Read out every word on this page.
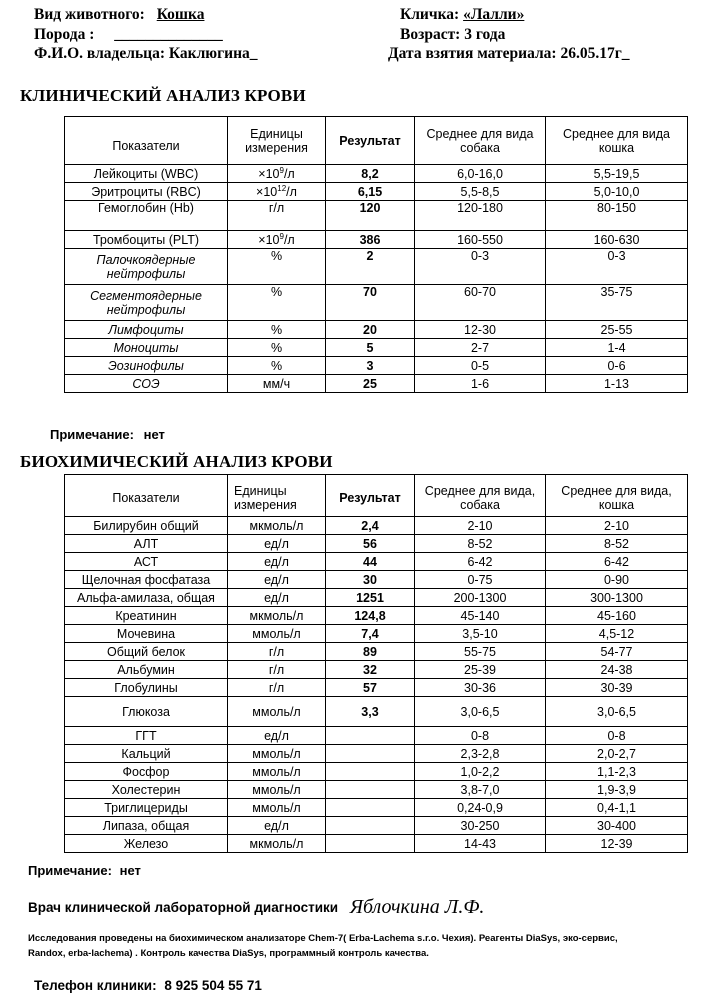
Вид животного: Кошка	Кличка: «Лалли»
Порода : ______________	Возраст: 3 года
Ф.И.О. владельца: Каклюгина_	Дата взятия материала: 26.05.17г_
КЛИНИЧЕСКИЙ АНАЛИЗ КРОВИ
Показатели	Единицы измерения	Результат	Среднее для вида собака	Среднее для вида кошка
Лейкоциты (WBC)	$\times 10^9/л$	8,2	6,0-16,0	5,5-19,5
Эритроциты (RBC)	$\times 10^{12}/л$	6,15	5,5-8,5	5,0-10,0
Гемоглобин (Hb)	г/л	120	120-180	80-150
Тромбоциты (PLT)	$\times 10^9/л$	386	160-550	160-630
Палочкоядерные нейтрофилы	%	2	0-3	0-3
Сегментоядерные нейтрофилы	%	70	60-70	35-75
Лимфоциты	%	20	12-30	25-55
Моноциты	%	5	2-7	1-4
Эозинофилы	%	3	0-5	0-6
СОЭ	мм/ч	25	1-6	1-13
Примечание: нет
БИОХИМИЧЕСКИЙ АНАЛИЗ КРОВИ
Показатели	Единицы измерения	Результат	Среднее для вида, собака	Среднее для вида, кошка
Билирубин общий	мкмоль/л	2,4	2-10	2-10
АЛТ	ед/л	56	8-52	8-52
АСТ	ед/л	44	6-42	6-42
Щелочная фосфатаза	ед/л	30	0-75	0-90
Альфа-амилаза, общая	ед/л	1251	200-1300	300-1300
Креатинин	мкмоль/л	124,8	45-140	45-160
Мочевина	ммоль/л	7,4	3,5-10	4,5-12
Общий белок	г/л	89	55-75	54-77
Альбумин	г/л	32	25-39	24-38
Глобулины	г/л	57	30-36	30-39
Глюкоза	ммоль/л	3,3	3,0-6,5	3,0-6,5
ГГТ	ед/л		0-8	0-8
Кальций	ммоль/л		2,3-2,8	2,0-2,7
Фосфор	ммоль/л		1,0-2,2	1,1-2,3
Холестерин	ммоль/л		3,8-7,0	1,9-3,9
Триглицериды	ммоль/л		0,24-0,9	0,4-1,1
Липаза, общая	ед/л		30-250	30-400
Железо	мкмоль/л		14-43	12-39
Примечание: нет
Врач клинической лабораторной диагностики Яблочкина Л.Ф.
Исследования проведены на биохимическом анализаторе Chem-7( Erba-Lachema s.r.o. Чехия). Реагенты DiaSys, эко-сервис,
Randox, erba-lachema) . Контроль качества DiaSys, программный контроль качества.
Телефон клиники: 8 925 504 55 71
